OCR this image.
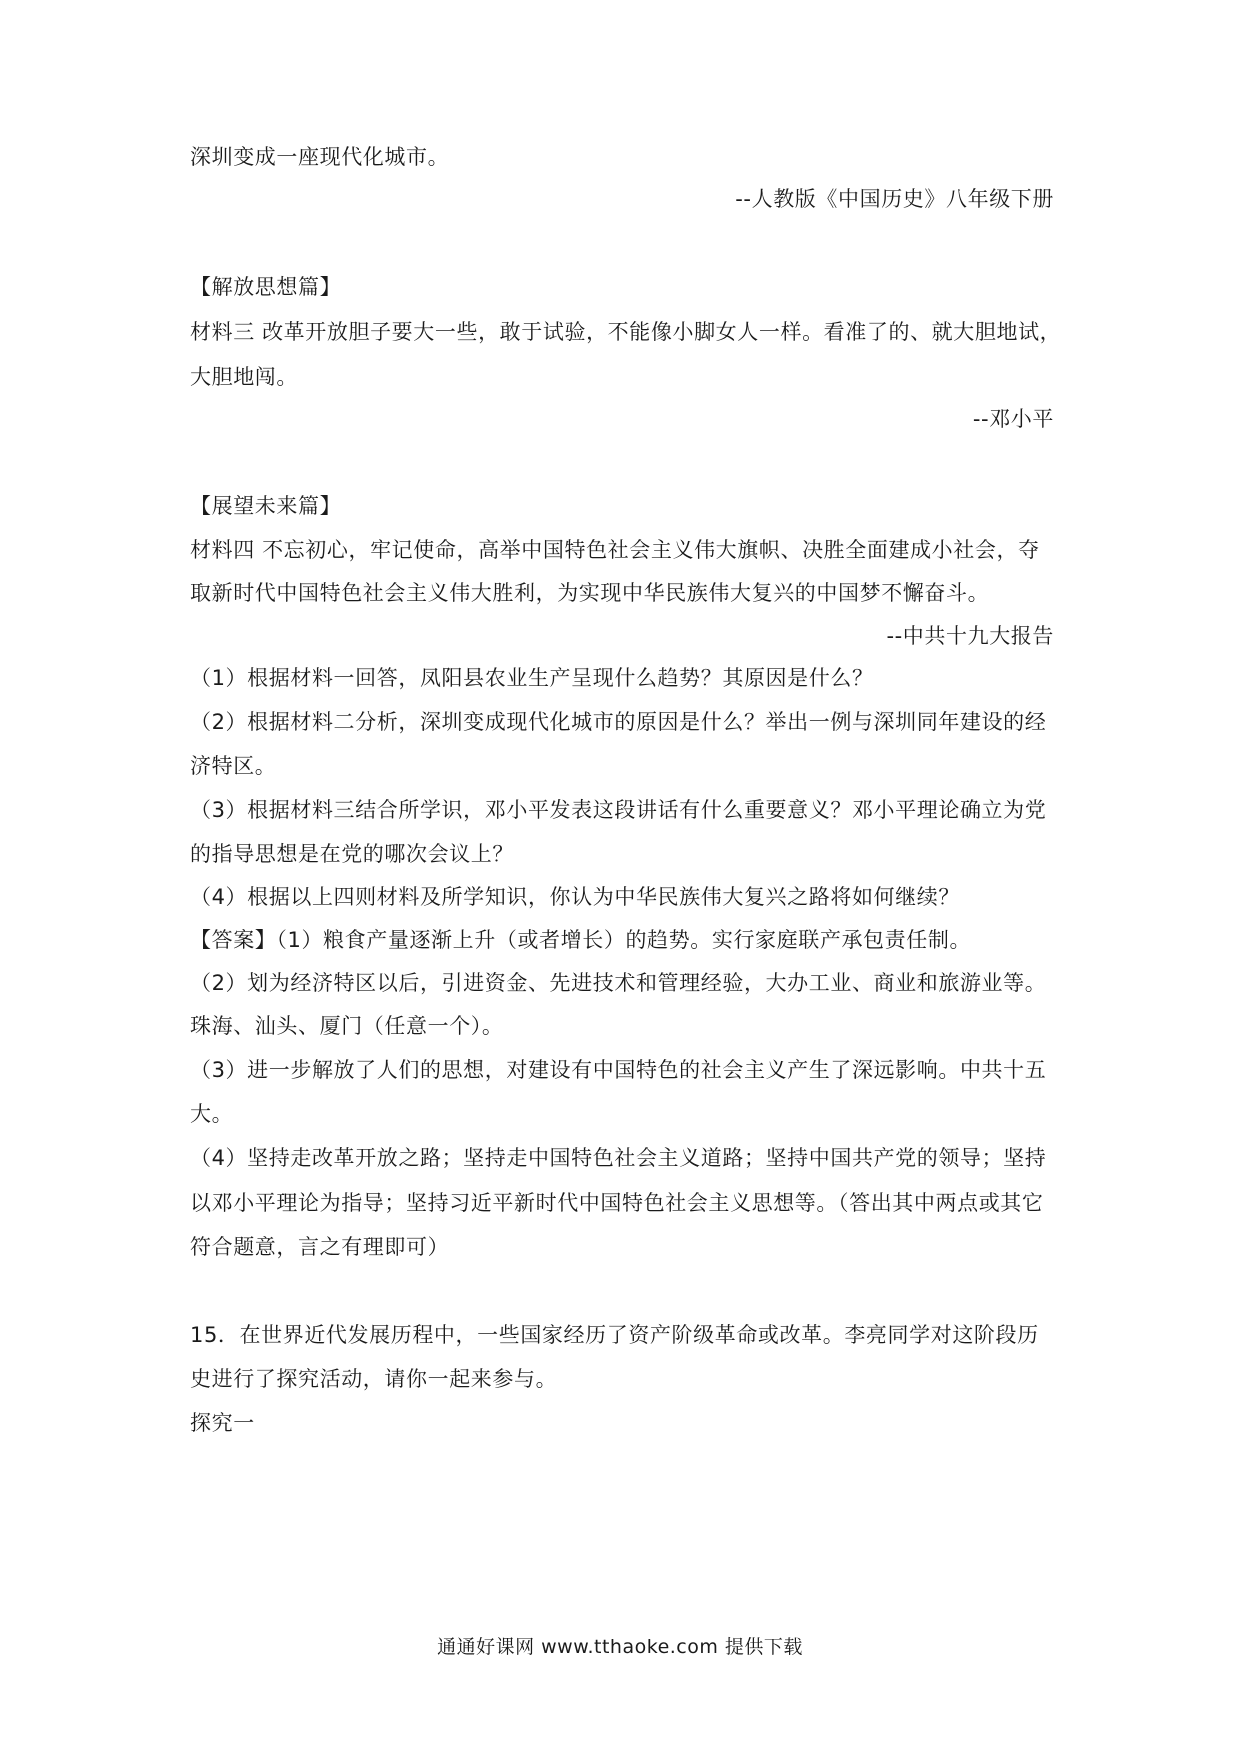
深圳变成一座现代化城市。
--人教版《中国历史》八年级下册
【解放思想篇】
材料三 改革开放胆子要大一些，敢于试验，不能像小脚女人一样。看准了的、就大胆地试，
大胆地闯。
--邓小平
【展望未来篇】
材料四 不忘初心，牢记使命，高举中国特色社会主义伟大旗帜、决胜全面建成小社会，夺
取新时代中国特色社会主义伟大胜利，为实现中华民族伟大复兴的中国梦不懈奋斗。
--中共十九大报告
（1）根据材料一回答，凤阳县农业生产呈现什么趋势？其原因是什么？
（2）根据材料二分析，深圳变成现代化城市的原因是什么？举出一例与深圳同年建设的经
济特区。
（3）根据材料三结合所学识，邓小平发表这段讲话有什么重要意义？邓小平理论确立为党
的指导思想是在党的哪次会议上？
（4）根据以上四则材料及所学知识，你认为中华民族伟大复兴之路将如何继续？
【答案】（1）粮食产量逐渐上升（或者增长）的趋势。实行家庭联产承包责任制。
（2）划为经济特区以后，引进资金、先进技术和管理经验，大办工业、商业和旅游业等。
珠海、汕头、厦门（任意一个）。
（3）进一步解放了人们的思想，对建设有中国特色的社会主义产生了深远影响。中共十五
大。
（4）坚持走改革开放之路；坚持走中国特色社会主义道路；坚持中国共产党的领导；坚持
以邓小平理论为指导；坚持习近平新时代中国特色社会主义思想等。（答出其中两点或其它
符合题意，言之有理即可）
15．在世界近代发展历程中，一些国家经历了资产阶级革命或改革。李亮同学对这阶段历
史进行了探究活动，请你一起来参与。
探究一
通通好课网 www.tthaoke.com 提供下载
